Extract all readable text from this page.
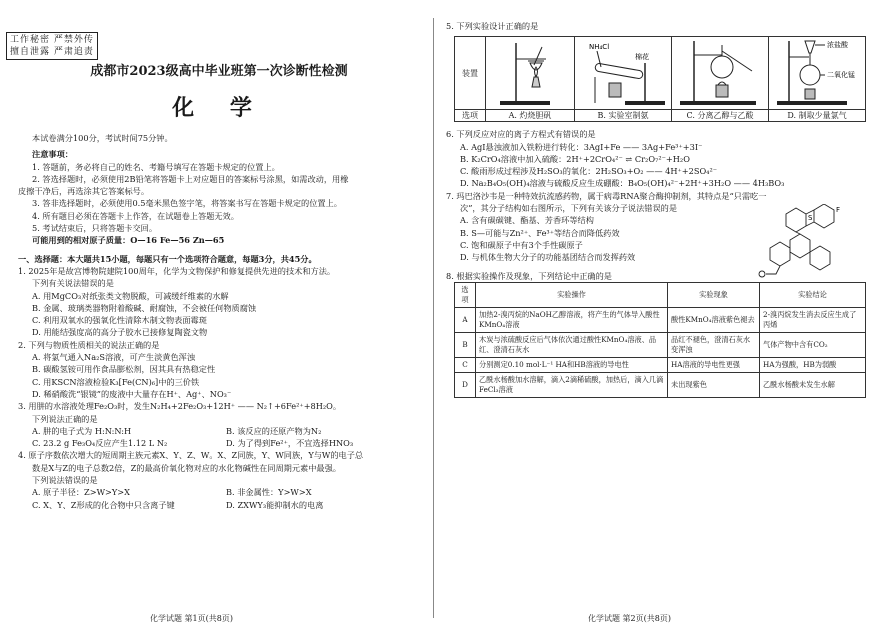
工作秘密 严禁外传
擅自泄露 严肃追责
成都市2023级高中毕业班第一次诊断性检测
化 学
本试卷满分100分，考试时间75分钟。
注意事项：
1. 答题前，务必将自己的姓名、考籍号填写在答题卡规定的位置上。
2. 答选择题时，必须使用2B铅笔将答题卡上对应题目的答案标号涂黑，如需改动，用橡
皮擦干净后，再选涂其它答案标号。
3. 答非选择题时，必须使用0.5毫米黑色签字笔，将答案书写在答题卡规定的位置上。
4. 所有题目必须在答题卡上作答，在试题卷上答题无效。
5. 考试结束后，只将答题卡交回。
可能用到的相对原子质量：O—16 Fe—56 Zn—65
一、选择题：本大题共15小题，每题只有一个选项符合题意，每题3分，共45分。
1. 2025年是故宫博物院建院100周年，化学为文物保护和修复提供先进的技术和方法。
下列有关说法错误的是
A. 用MgCO₃对纸张类文物脱酸，可减缓纤维素的水解
B. 金属、玻璃类器物附着酸碱、耐腐蚀，不会被任何物质腐蚀
C. 利用双氧水的强氧化性清除木制文物表面霉斑
D. 用能结强度高的高分子胶水已接修复陶瓷文物
2. 下列与物质性质相关的说法正确的是
A. 将氯气通入Na₂S溶液，可产生淡黄色浑浊
B. 碳酸氢铵可用作食品膨松剂，因其具有热稳定性
C. 用KSCN溶液检验K₃[Fe(CN)₆]中的三价铁
D. 稀硝酸洗“银镜”的废液中大量存在H⁺、Ag⁺、NO₃⁻
3. 用肼的水溶液处理Fe₂O₃时，发生N₂H₄+2Fe₂O₃+12H⁺ —— N₂↑+6Fe²⁺+8H₂O。
下列说法正确的是
A. 肼的电子式为 H:N:N:H	B. 该反应的还原产物为N₂
C. 23.2 g Fe₃O₄反应产生1.12 L N₂	D. 为了得到Fe²⁺，不宜选择HNO₃
4. 原子序数依次增大的短周期主族元素X、Y、Z、W。X、Z同族，Y、W同族，Y与W的电子总
数是X与Z的电子总数2倍，Z的最高价氧化物对应的水化物碱性在同周期元素中最强。
下列说法错误的是
A. 原子半径：Z>W>Y>X	B. 非金属性：Y>W>X
C. X、Y、Z形成的化合物中只含离子键	D. ZXWY₃能抑制水的电离
化学试题 第1页(共8页)
5. 下列实验设计正确的是
装置		NH₄Cl
棉花		浓盐酸
二氧化锰

选项	A. 灼烧胆矾	B. 实验室制氨	C. 分离乙醇与乙酸	D. 制取少量氯气
6. 下列反应对应的离子方程式有错误的是
A. AgI悬浊液加入铁粉进行转化：3AgI+Fe —— 3Ag+Fe³⁺+3I⁻
B. K₂CrO₄溶液中加入硫酸：2H⁺+2CrO₄²⁻ ⇌ Cr₂O₇²⁻+H₂O
C. 酸雨形成过程涉及H₂SO₃的氧化：2H₂SO₃+O₂ —— 4H⁺+2SO₄²⁻
D. Na₂B₄O₅(OH)₄溶液与硫酸反应生成硼酸：B₄O₅(OH)₄²⁻+2H⁺+3H₂O —— 4H₃BO₃
7. 玛巴洛沙韦是一种特效抗流感药物，属于病毒RNA聚合酶抑制剂，其特点是“只需吃一
次”，其分子结构如右图所示，下列有关该分子说法错误的是
A. 含有碳碳键、酯基、芳香环等结构
B. S—可能与Zn²⁺、Fe³⁺等结合而降低药效
C. 饱和碳原子中有3个手性碳原子
D. 与机体生物大分子的功能基团结合而发挥药效
F
S
8. 根据实验操作及现象，下列结论中正确的是
选项	实验操作	实验现象	实验结论
A	加热2-溴丙烷的NaOH乙醇溶液，将产生的气体导入酸性KMnO₄溶液	酸性KMnO₄溶液紫色褪去	2-溴丙烷发生消去反应生成了丙烯
B	木炭与浓硫酸反应后气体依次通过酸性KMnO₄溶液、品红、澄清石灰水	品红不褪色，澄清石灰水变浑浊	气体产物中含有CO₂
C	分别测定0.10 mol·L⁻¹ HA和HB溶液的导电性	HA溶液的导电性更强	HA为强酸，HB为弱酸
D	乙酰水杨酸加水溶解，滴入2滴稀硫酸，加热后，滴入几滴FeCl₃溶液	未出现紫色	乙酰水杨酸未发生水解
化学试题 第2页(共8页)
